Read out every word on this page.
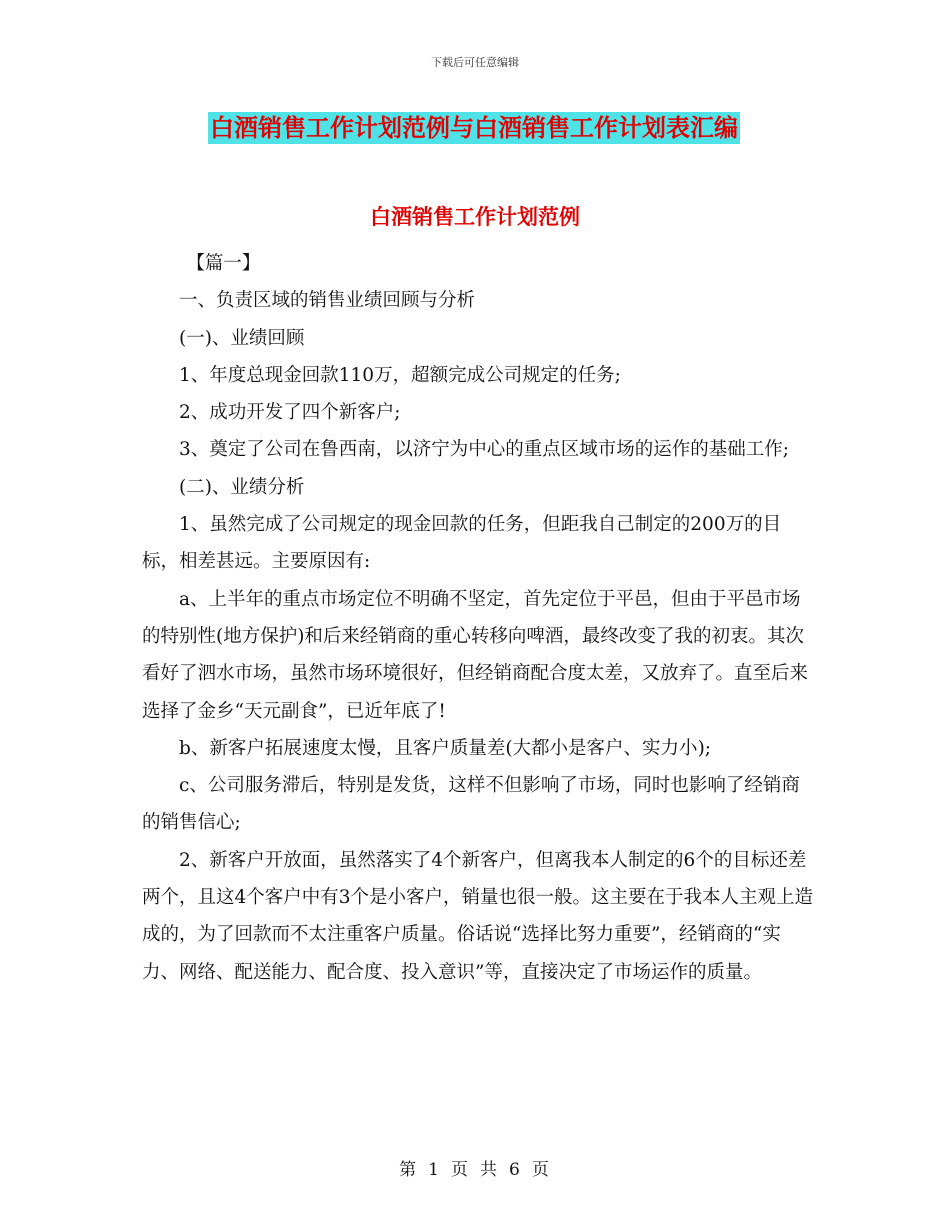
下载后可任意编辑
白酒销售工作计划范例与白酒销售工作计划表汇编
白酒销售工作计划范例

【篇一】

一、负责区域的销售业绩回顾与分析

(一)、业绩回顾

1、年度总现金回款110万，超额完成公司规定的任务;

2、成功开发了四个新客户;

3、奠定了公司在鲁西南，以济宁为中心的重点区域市场的运作的基础工作;

(二)、业绩分析

1、虽然完成了公司规定的现金回款的任务，但距我自己制定的200万的目标，相差甚远。主要原因有:

a、上半年的重点市场定位不明确不坚定，首先定位于平邑，但由于平邑市场的特别性(地方保护)和后来经销商的重心转移向啤酒，最终改变了我的初衷。其次看好了泗水市场，虽然市场环境很好，但经销商配合度太差，又放弃了。直至后来选择了金乡“天元副食”，已近年底了!

b、新客户拓展速度太慢，且客户质量差(大都小是客户、实力小);

c、公司服务滞后，特别是发货，这样不但影响了市场，同时也影响了经销商的销售信心;

2、新客户开放面，虽然落实了4个新客户，但离我本人制定的6个的目标还差两个，且这4个客户中有3个是小客户，销量也很一般。这主要在于我本人主观上造成的，为了回款而不太注重客户质量。俗话说“选择比努力重要”，经销商的“实力、网络、配送能力、配合度、投入意识”等，直接决定了市场运作的质量。

第 1 页 共 6 页
